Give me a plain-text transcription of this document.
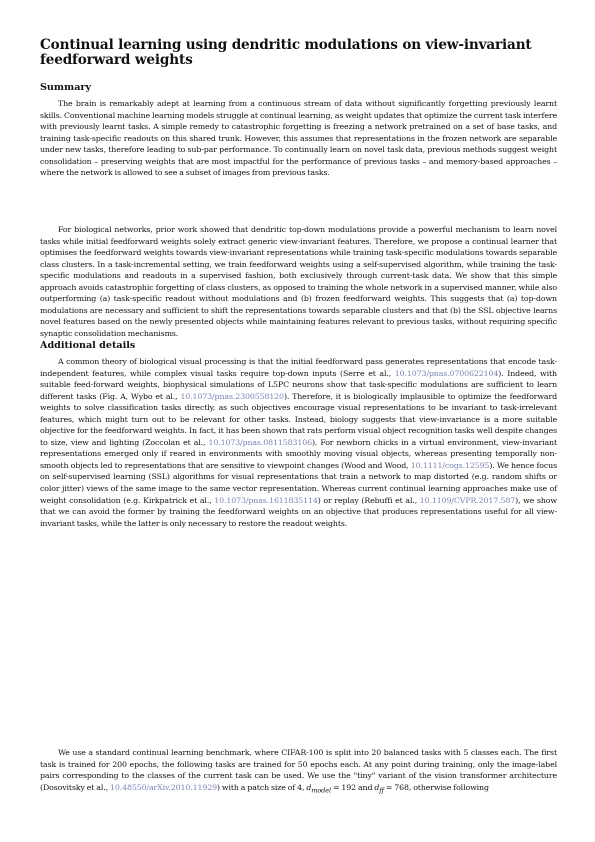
Continual learning using dendritic modulations on view-invariant feedforward weights
Summary

The brain is remarkably adept at learning from a continuous stream of data without significantly forgetting previously learnt skills. Conventional machine learning models struggle at continual learning, as weight updates that optimize the current task interfere with previously learnt tasks. A simple remedy to catastrophic forgetting is freezing a network pretrained on a set of base tasks, and training task-specific readouts on this shared trunk. However, this assumes that representations in the frozen network are separable under new tasks, therefore leading to sub-par performance. To continually learn on novel task data, previous methods suggest weight consolidation – preserving weights that are most impactful for the performance of previous tasks – and memory-based approaches – where the network is allowed to see a subset of images from previous tasks.

For biological networks, prior work showed that dendritic top-down modulations provide a powerful mechanism to learn novel tasks while initial feedforward weights solely extract generic view-invariant features. Therefore, we propose a continual learner that optimises the feedforward weights towards view-invariant representations while training task-specific modulations towards separable class clusters. In a task-incremental setting, we train feedforward weights using a self-supervised algorithm, while training the task-specific modulations and readouts in a supervised fashion, both exclusively through current-task data. We show that this simple approach avoids catastrophic forgetting of class clusters, as opposed to training the whole network in a supervised manner, while also outperforming (a) task-specific readout without modulations and (b) frozen feedforward weights. This suggests that (a) top-down modulations are necessary and sufficient to shift the representations towards separable clusters and that (b) the SSL objective learns novel features based on the newly presented objects while maintaining features relevant to previous tasks, without requiring specific synaptic consolidation mechanisms.

Additional details

A common theory of biological visual processing is that the initial feedforward pass generates representations that encode task-independent features, while complex visual tasks require top-down inputs (Serre et al., 10.1073/pnas.0700622104). Indeed, with suitable feed-forward weights, biophysical simulations of L5PC neurons show that task-specific modulations are sufficient to learn different tasks (Fig. A, Wybo et al., 10.1073/pnas.2300558120). Therefore, it is biologically implausible to optimize the feedforward weights to solve classification tasks directly, as such objectives encourage visual representations to be invariant to task-irrelevant features, which might turn out to be relevant for other tasks. Instead, biology suggests that view-invariance is a more suitable objective for the feedforward weights. In fact, it has been shown that rats perform visual object recognition tasks well despite changes to size, view and lighting (Zoccolan et al., 10.1073/pnas.0811583106). For newborn chicks in a virtual environment, view-invariant representations emerged only if reared in environments with smoothly moving visual objects, whereas presenting temporally non-smooth objects led to representations that are sensitive to viewpoint changes (Wood and Wood, 10.1111/cogs.12595). We hence focus on self-supervised learning (SSL) algorithms for visual representations that train a network to map distorted (e.g. random shifts or color jitter) views of the same image to the same vector representation. Whereas current continual learning approaches make use of weight consolidation (e.g. Kirkpatrick et al., 10.1073/pnas.1611835114) or replay (Rebuffi et al., 10.1109/CVPR.2017.587), we show that we can avoid the former by training the feedforward weights on an objective that produces representations useful for all view-invariant tasks, while the latter is only necessary to restore the readout weights.

We use a standard continual learning benchmark, where CIFAR-100 is split into 20 balanced tasks with 5 classes each. The first task is trained for 200 epochs, the following tasks are trained for 50 epochs each. At any point during training, only the image-label pairs corresponding to the classes of the current task can be used. We use the "tiny" variant of the vision transformer architecture (Dosovitsky et al., 10.48550/arXiv.2010.11929) with a patch size of 4, $d_{model} = 192$ and $d_{ff} = 768$, otherwise following
